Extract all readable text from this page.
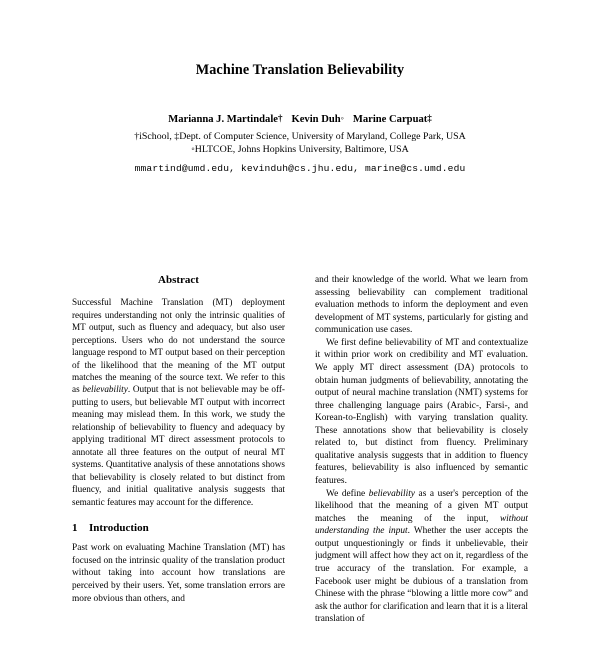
Machine Translation Believability
Marianna J. Martindale† Kevin Duh◦ Marine Carpuat‡
†iSchool, ‡Dept. of Computer Science, University of Maryland, College Park, USA
◦HLTCOE, Johns Hopkins University, Baltimore, USA
mmartind@umd.edu, kevinduh@cs.jhu.edu, marine@cs.umd.edu
Abstract

Successful Machine Translation (MT) deployment requires understanding not only the intrinsic qualities of MT output, such as fluency and adequacy, but also user perceptions. Users who do not understand the source language respond to MT output based on their perception of the likelihood that the meaning of the MT output matches the meaning of the source text. We refer to this as believability. Output that is not believable may be off-putting to users, but believable MT output with incorrect meaning may mislead them. In this work, we study the relationship of believability to fluency and adequacy by applying traditional MT direct assessment protocols to annotate all three features on the output of neural MT systems. Quantitative analysis of these annotations shows that believability is closely related to but distinct from fluency, and initial qualitative analysis suggests that semantic features may account for the difference.

1 Introduction

Past work on evaluating Machine Translation (MT) has focused on the intrinsic quality of the translation product without taking into account how translations are perceived by their users. Yet, some translation errors are more obvious than others, and

and their knowledge of the world. What we learn from assessing believability can complement traditional evaluation methods to inform the deployment and even development of MT systems, particularly for gisting and communication use cases.

We first define believability of MT and contextualize it within prior work on credibility and MT evaluation. We apply MT direct assessment (DA) protocols to obtain human judgments of believability, annotating the output of neural machine translation (NMT) systems for three challenging language pairs (Arabic-, Farsi-, and Korean-to-English) with varying translation quality. These annotations show that believability is closely related to, but distinct from fluency. Preliminary qualitative analysis suggests that in addition to fluency features, believability is also influenced by semantic features.

We define believability as a user's perception of the likelihood that the meaning of a given MT output matches the meaning of the input, without understanding the input. Whether the user accepts the output unquestioningly or finds it unbelievable, their judgment will affect how they act on it, regardless of the true accuracy of the translation. For example, a Facebook user might be dubious of a translation from Chinese with the phrase “blowing a little more cow” and ask the author for clarification and learn that it is a literal translation of
